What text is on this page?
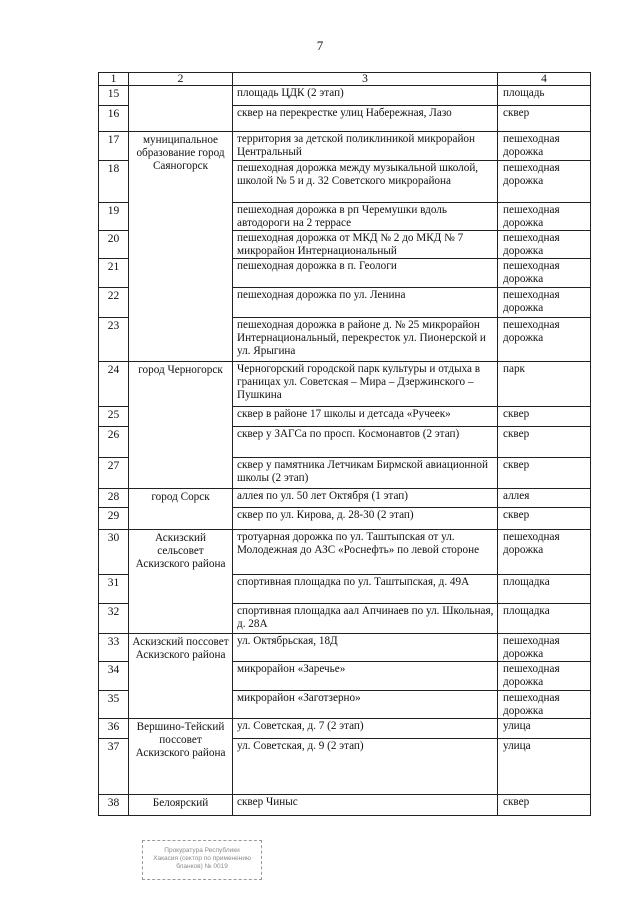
7
1	2	3	4
15		площадь ЦДК (2 этап)	площадь
16		сквер на перекрестке улиц Набережная, Лазо	сквер
17	муниципальное образование город Саяногорск	территория за детской поликлиникой микрорайон Центральный	пешеходная дорожка
18		пешеходная дорожка между музыкальной школой, школой № 5 и д. 32 Советского микрорайона	пешеходная дорожка
19		пешеходная дорожка в рп Черемушки вдоль автодороги на 2 террасе	пешеходная дорожка
20		пешеходная дорожка от МКД № 2 до МКД № 7 микрорайон Интернациональный	пешеходная дорожка
21		пешеходная дорожка в п. Геологи	пешеходная дорожка
22		пешеходная дорожка по ул. Ленина	пешеходная дорожка
23		пешеходная дорожка в районе д. № 25 микрорайон Интернациональный, перекресток ул. Пионерской и ул. Ярыгина	пешеходная дорожка
24	город Черногорск	Черногорский городской парк культуры и отдыха в границах ул. Советская – Мира – Дзержинского – Пушкина	парк
25		сквер в районе 17 школы и детсада «Ручеек»	сквер
26		сквер у ЗАГСа по просп. Космонавтов (2 этап)	сквер
27		сквер у памятника Летчикам Бирмской авиационной школы (2 этап)	сквер
28	город Сорск	аллея по ул. 50 лет Октября (1 этап)	аллея
29		сквер по ул. Кирова, д. 28-30 (2 этап)	сквер
30	Аскизский сельсовет Аскизского района	тротуарная дорожка по ул. Таштыпская от ул. Молодежная до АЗС «Роснефть» по левой стороне	пешеходная дорожка
31		спортивная площадка по ул. Таштыпская, д. 49А	площадка
32		спортивная площадка аал Апчинаев по ул. Школьная, д. 28А	площадка
33	Аскизский поссовет Аскизского района	ул. Октябрьская, 18Д	пешеходная дорожка
34		микрорайон «Заречье»	пешеходная дорожка
35		микрорайон «Заготзерно»	пешеходная дорожка
36	Вершино-Тейский поссовет Аскизского района	ул. Советская, д. 7 (2 этап)	улица
37		ул. Советская, д. 9 (2 этап)	улица
38	Белоярский	сквер Чиныс	сквер
Прокуратура Республики
Хакасия (сектор по применению
бланков) № 0019
